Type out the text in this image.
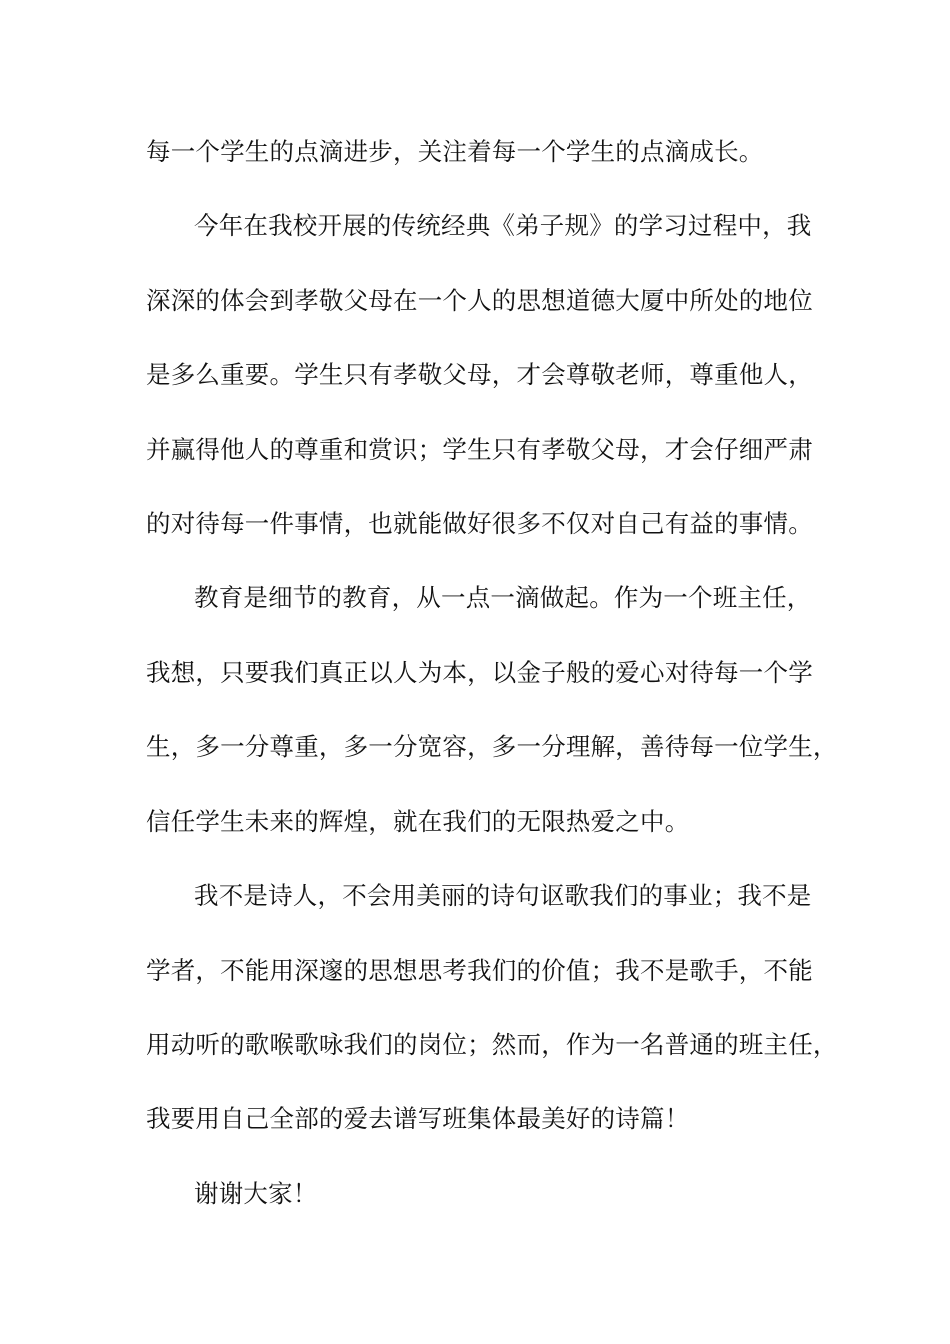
每一个学生的点滴进步，关注着每一个学生的点滴成长。
今年在我校开展的传统经典《弟子规》的学习过程中，我
深深的体会到孝敬父母在一个人的思想道德大厦中所处的地位
是多么重要。学生只有孝敬父母，才会尊敬老师，尊重他人，
并赢得他人的尊重和赏识；学生只有孝敬父母，才会仔细严肃
的对待每一件事情，也就能做好很多不仅对自己有益的事情。
教育是细节的教育，从一点一滴做起。作为一个班主任，
我想，只要我们真正以人为本，以金子般的爱心对待每一个学
生，多一分尊重，多一分宽容，多一分理解，善待每一位学生，
信任学生未来的辉煌，就在我们的无限热爱之中。
我不是诗人，不会用美丽的诗句讴歌我们的事业；我不是
学者，不能用深邃的思想思考我们的价值；我不是歌手，不能
用动听的歌喉歌咏我们的岗位；然而，作为一名普通的班主任，
我要用自己全部的爱去谱写班集体最美好的诗篇！
谢谢大家！
